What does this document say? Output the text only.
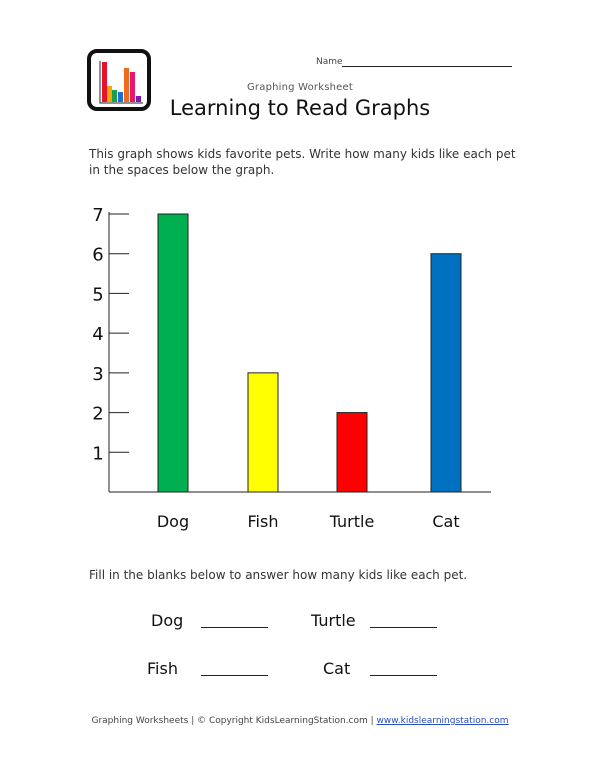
Name
Graphing Worksheet
Learning to Read Graphs
This graph shows kids favorite pets. Write how many kids like each pet in the spaces below the graph.
1
2
3
4
5
6
7
Dog	Fish	Turtle	Cat
Fill in the blanks below to answer how many kids like each pet.
Dog	Turtle
Fish	Cat
Graphing Worksheets | © Copyright KidsLearningStation.com | www.kidslearningstation.com
